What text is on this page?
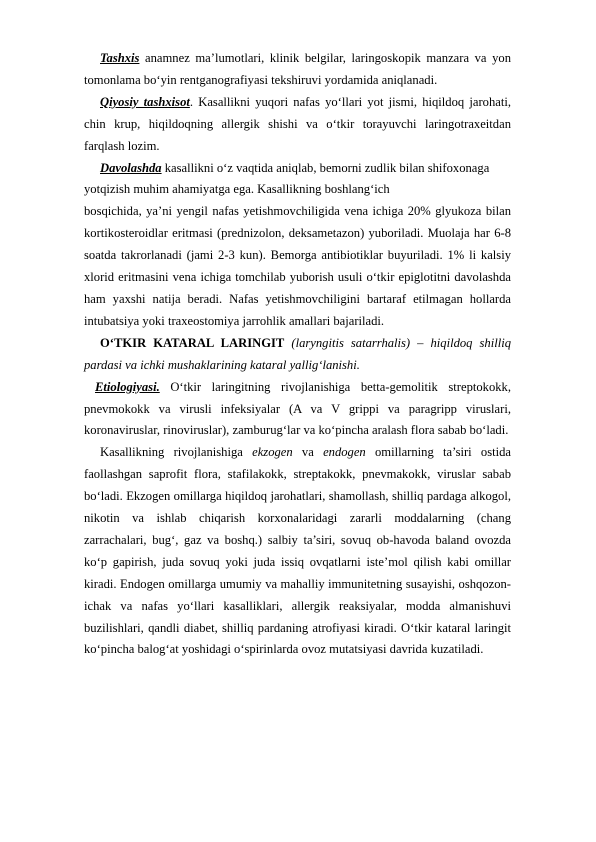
Tashxis anamnez ma’lumotlari, klinik belgilar, laringoskopik manzara va yon tomonlama bo‘yin rentganografiyasi tekshiruvi yordamida aniqlanadi.

Qiyosiy tashxisot. Kasallikni yuqori nafas yo‘llari yot jismi, hiqildoq jarohati, chin krup, hiqildoqning allergik shishi va o‘tkir torayuvchi laringotraxeitdan farqlash lozim.

Davolashda kasallikni o‘z vaqtida aniqlab, bemorni zudlik bilan shifoxonaga yotqizish muhim ahamiyatga ega. Kasallikning boshlang‘ich

bosqichida, ya’ni yengil nafas yetishmovchiligida vena ichiga 20% glyukoza bilan kortikosteroidlar eritmasi (prednizolon, deksametazon) yuboriladi. Muolaja har 6-8 soatda takrorlanadi (jami 2-3 kun). Bemorga antibiotiklar buyuriladi. 1% li kalsiy xlorid eritmasini vena ichiga tomchilab yuborish usuli o‘tkir epiglotitni davolashda ham yaxshi natija beradi. Nafas yetishmovchiligini bartaraf etilmagan hollarda intubatsiya yoki traxeostomiya jarrohlik amallari bajariladi.

O‘TKIR KATARAL LARINGIT (laryngitis satarrhalis) – hiqildoq shilliq pardasi va ichki mushaklarining kataral yallig‘lanishi.

Etiologiyasi. O‘tkir laringitning rivojlanishiga betta-gemolitik streptokokk, pnevmokokk va virusli infeksiyalar (A va V grippi va paragripp viruslari, koronaviruslar, rinoviruslar), zamburug‘lar va ko‘pincha aralash flora sabab bo‘ladi.

Kasallikning rivojlanishiga ekzogen va endogen omillarning ta’siri ostida faollashgan saprofit flora, stafilakokk, streptakokk, pnevmakokk, viruslar sabab bo‘ladi. Ekzogen omillarga hiqildoq jarohatlari, shamollash, shilliq pardaga alkogol, nikotin va ishlab chiqarish korxonalaridagi zararli moddalarning (chang zarrachalari, bug‘, gaz va boshq.) salbiy ta’siri, sovuq ob-havoda baland ovozda ko‘p gapirish, juda sovuq yoki juda issiq ovqatlarni iste’mol qilish kabi omillar kiradi. Endogen omillarga umumiy va mahalliy immunitetning susayishi, oshqozon-ichak va nafas yo‘llari kasalliklari, allergik reaksiyalar, modda almanishuvi buzilishlari, qandli diabet, shilliq pardaning atrofiyasi kiradi. O‘tkir kataral laringit ko‘pincha balog‘at yoshidagi o‘spirinlarda ovoz mutatsiyasi davrida kuzatiladi.
